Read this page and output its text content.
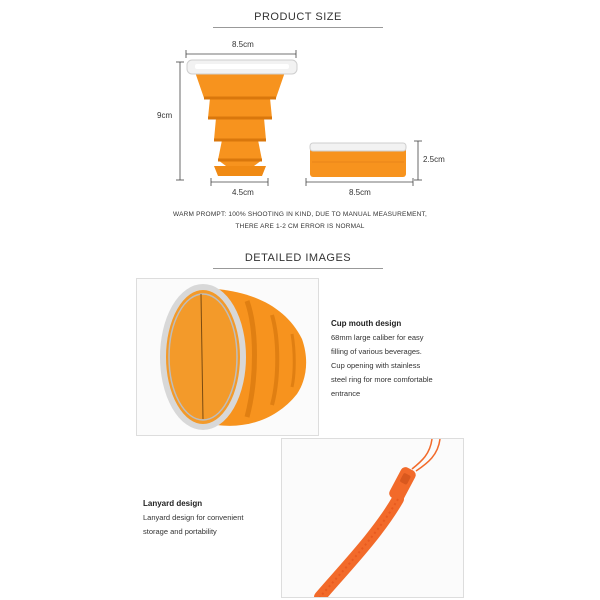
PRODUCT SIZE
8.5cm
9cm
4.5cm
2.5cm
8.5cm
WARM PROMPT: 100% SHOOTING IN KIND, DUE TO MANUAL MEASUREMENT,
THERE ARE 1-2 CM ERROR IS NORMAL
DETAILED IMAGES
Cup mouth design
68mm large caliber for easy
filling of various beverages.
Cup opening with stainless
steel ring for more comfortable
entrance
Lanyard design
Lanyard design for convenient
storage and portability
